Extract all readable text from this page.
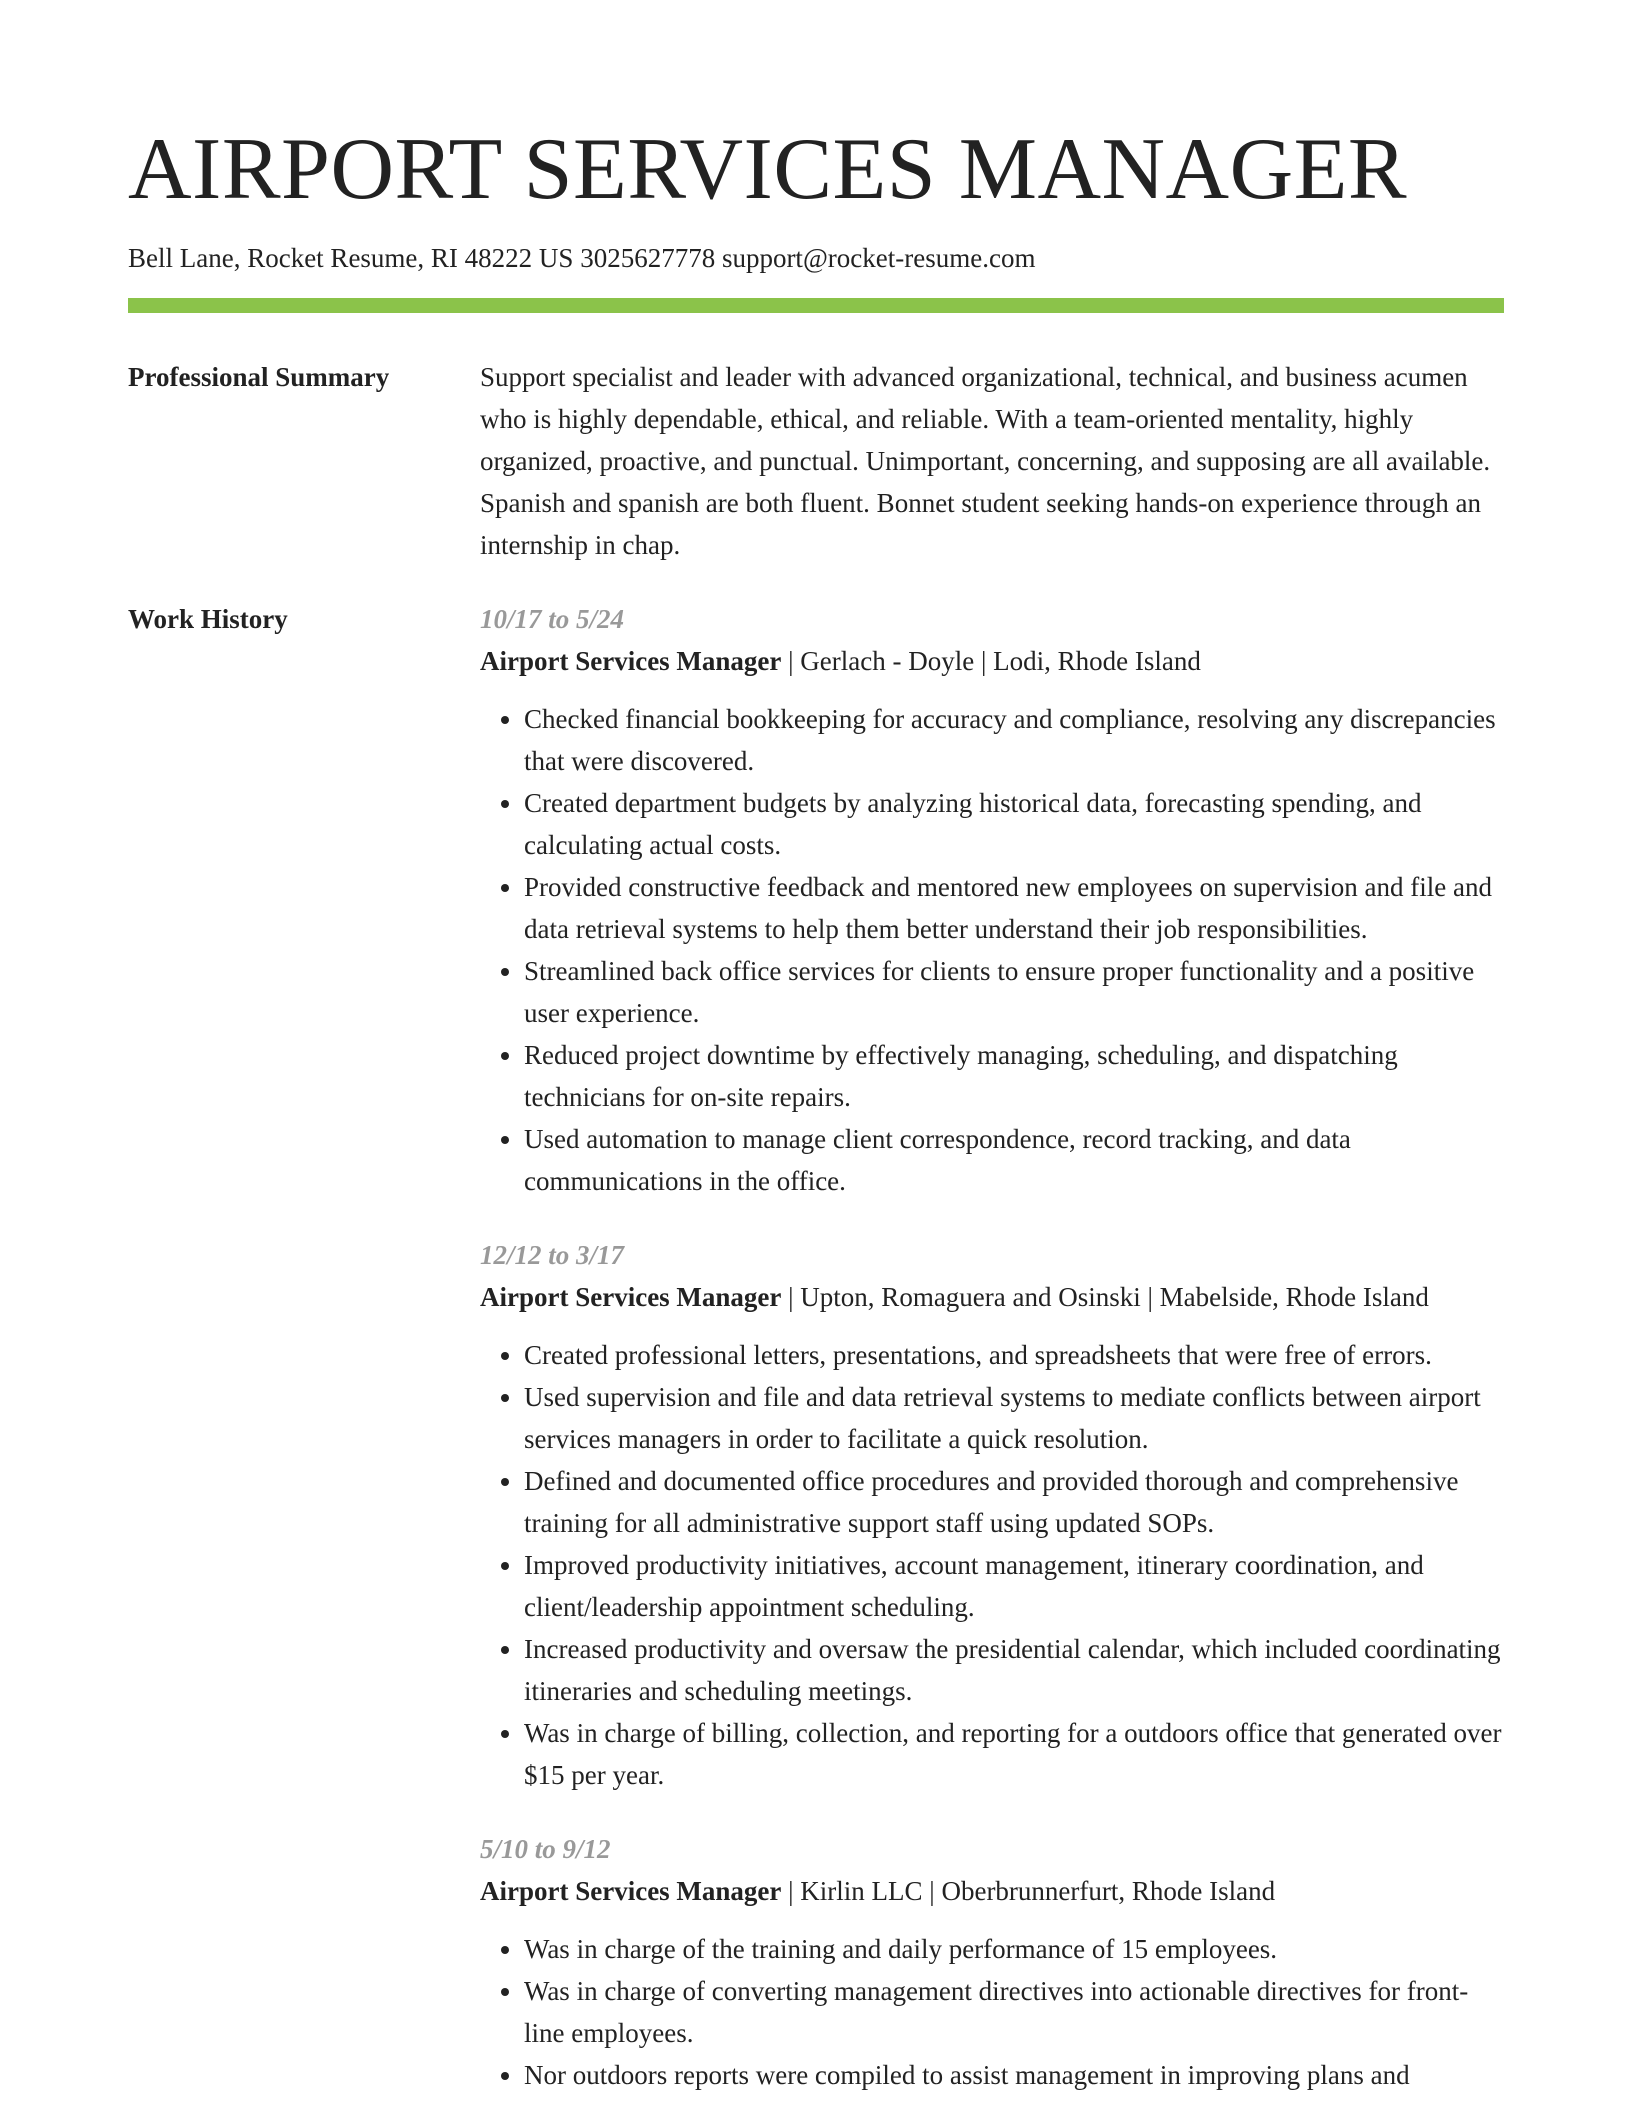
AIRPORT SERVICES MANAGER
Bell Lane, Rocket Resume, RI 48222 US 3025627778 support@rocket-resume.com
Professional Summary	Support specialist and leader with advanced organizational, technical, and business acumen who is highly dependable, ethical, and reliable. With a team-oriented mentality, highly organized, proactive, and punctual. Unimportant, concerning, and supposing are all available. Spanish and spanish are both fluent. Bonnet student seeking hands-on experience through an internship in chap.

Work History	10/17 to 5/24
Airport Services Manager | Gerlach - Doyle | Lodi, Rhode Island
• Checked financial bookkeeping for accuracy and compliance, resolving any discrepancies that were discovered.
• Created department budgets by analyzing historical data, forecasting spending, and calculating actual costs.
• Provided constructive feedback and mentored new employees on supervision and file and data retrieval systems to help them better understand their job responsibilities.
• Streamlined back office services for clients to ensure proper functionality and a positive user experience.
• Reduced project downtime by effectively managing, scheduling, and dispatching technicians for on-site repairs.
• Used automation to manage client correspondence, record tracking, and data communications in the office.
12/12 to 3/17
Airport Services Manager | Upton, Romaguera and Osinski | Mabelside, Rhode Island
• Created professional letters, presentations, and spreadsheets that were free of errors.
• Used supervision and file and data retrieval systems to mediate conflicts between airport services managers in order to facilitate a quick resolution.
• Defined and documented office procedures and provided thorough and comprehensive training for all administrative support staff using updated SOPs.
• Improved productivity initiatives, account management, itinerary coordination, and client/leadership appointment scheduling.
• Increased productivity and oversaw the presidential calendar, which included coordinating itineraries and scheduling meetings.
• Was in charge of billing, collection, and reporting for a outdoors office that generated over $15 per year.
5/10 to 9/12
Airport Services Manager | Kirlin LLC | Oberbrunnerfurt, Rhode Island
• Was in charge of the training and daily performance of 15 employees.
• Was in charge of converting management directives into actionable directives for front-line employees.
• Nor outdoors reports were compiled to assist management in improving plans and
